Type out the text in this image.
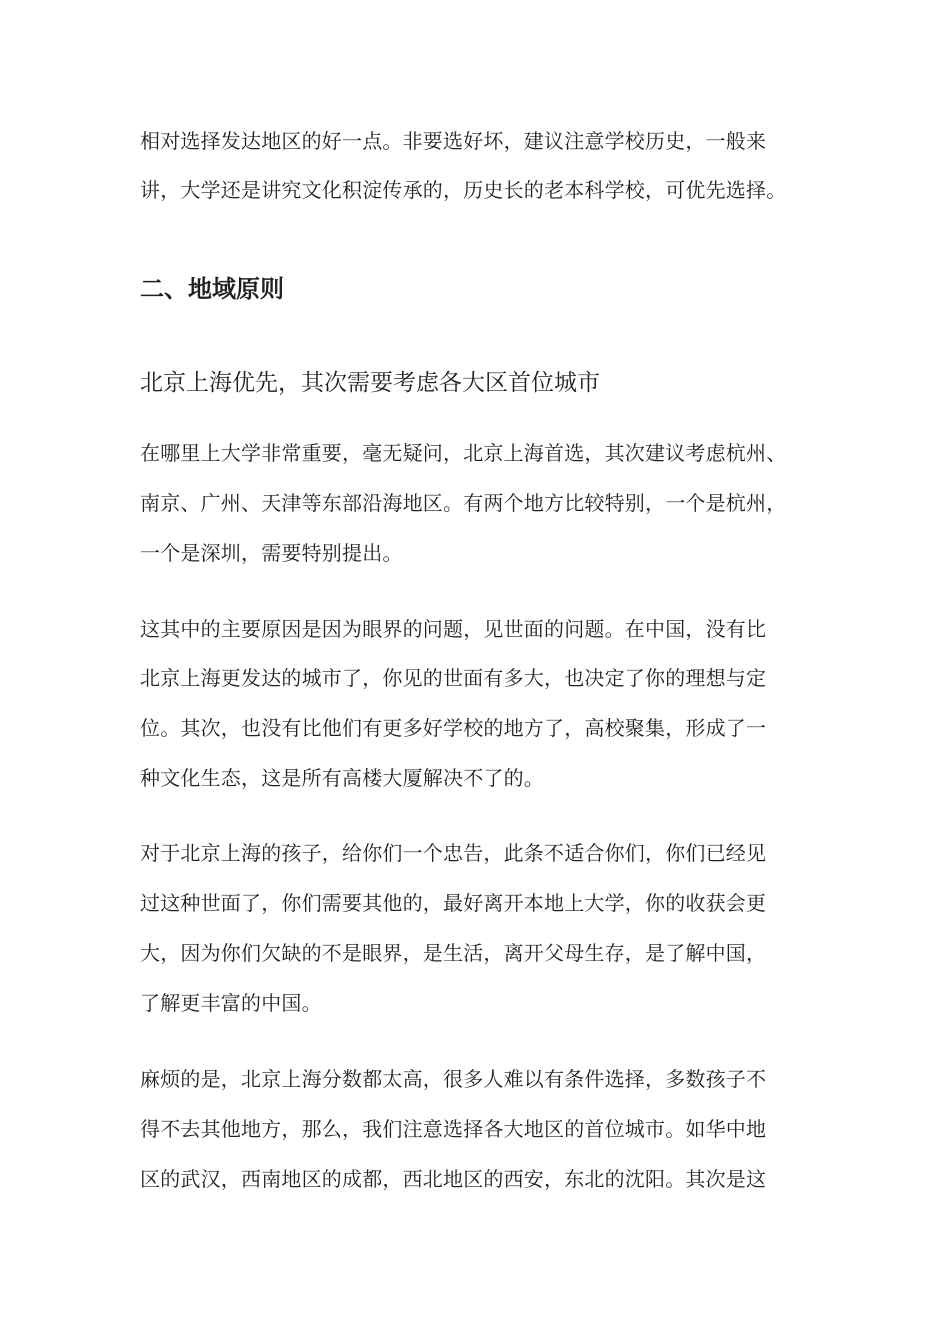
相对选择发达地区的好一点。非要选好坏，建议注意学校历史，一般来
讲，大学还是讲究文化积淀传承的，历史长的老本科学校，可优先选择。
二、地域原则
北京上海优先，其次需要考虑各大区首位城市
在哪里上大学非常重要，毫无疑问，北京上海首选，其次建议考虑杭州、
南京、广州、天津等东部沿海地区。有两个地方比较特别，一个是杭州，
一个是深圳，需要特别提出。
这其中的主要原因是因为眼界的问题，见世面的问题。在中国，没有比
北京上海更发达的城市了，你见的世面有多大，也决定了你的理想与定
位。其次，也没有比他们有更多好学校的地方了，高校聚集，形成了一
种文化生态，这是所有高楼大厦解决不了的。
对于北京上海的孩子，给你们一个忠告，此条不适合你们，你们已经见
过这种世面了，你们需要其他的，最好离开本地上大学，你的收获会更
大，因为你们欠缺的不是眼界，是生活，离开父母生存，是了解中国，
了解更丰富的中国。
麻烦的是，北京上海分数都太高，很多人难以有条件选择，多数孩子不
得不去其他地方，那么，我们注意选择各大地区的首位城市。如华中地
区的武汉，西南地区的成都，西北地区的西安，东北的沈阳。其次是这
